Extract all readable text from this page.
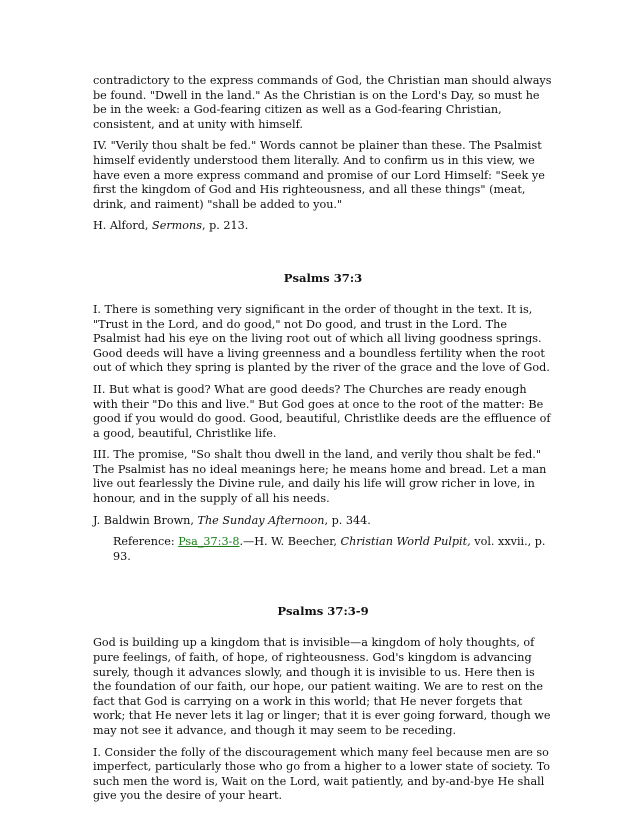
contradictory to the express commands of God, the Christian man should always be found. "Dwell in the land." As the Christian is on the Lord's Day, so must he be in the week: a God-fearing citizen as well as a God-fearing Christian, consistent, and at unity with himself.

IV. "Verily thou shalt be fed." Words cannot be plainer than these. The Psalmist himself evidently understood them literally. And to confirm us in this view, we have even a more express command and promise of our Lord Himself: "Seek ye first the kingdom of God and His righteousness, and all these things" (meat, drink, and raiment) "shall be added to you."

H. Alford, Sermons, p. 213.

Psalms 37:3

I. There is something very significant in the order of thought in the text. It is, "Trust in the Lord, and do good," not Do good, and trust in the Lord. The Psalmist had his eye on the living root out of which all living goodness springs. Good deeds will have a living greenness and a boundless fertility when the root out of which they spring is planted by the river of the grace and the love of God.

II. But what is good? What are good deeds? The Churches are ready enough with their "Do this and live." But God goes at once to the root of the matter: Be good if you would do good. Good, beautiful, Christlike deeds are the effluence of a good, beautiful, Christlike life.

III. The promise, "So shalt thou dwell in the land, and verily thou shalt be fed." The Psalmist has no ideal meanings here; he means home and bread. Let a man live out fearlessly the Divine rule, and daily his life will grow richer in love, in honour, and in the supply of all his needs.

J. Baldwin Brown, The Sunday Afternoon, p. 344.

Reference: Psa_37:3-8.—H. W. Beecher, Christian World Pulpit, vol. xxvii., p. 93.

Psalms 37:3-9

God is building up a kingdom that is invisible—a kingdom of holy thoughts, of pure feelings, of faith, of hope, of righteousness. God's kingdom is advancing surely, though it advances slowly, and though it is invisible to us. Here then is the foundation of our faith, our hope, our patient waiting. We are to rest on the fact that God is carrying on a work in this world; that He never forgets that work; that He never lets it lag or linger; that it is ever going forward, though we may not see it advance, and though it may seem to be receding.

I. Consider the folly of the discouragement which many feel because men are so imperfect, particularly those who go from a higher to a lower state of society. To such men the word is, Wait on the Lord, wait patiently, and by-and-bye He shall give you the desire of your heart.
